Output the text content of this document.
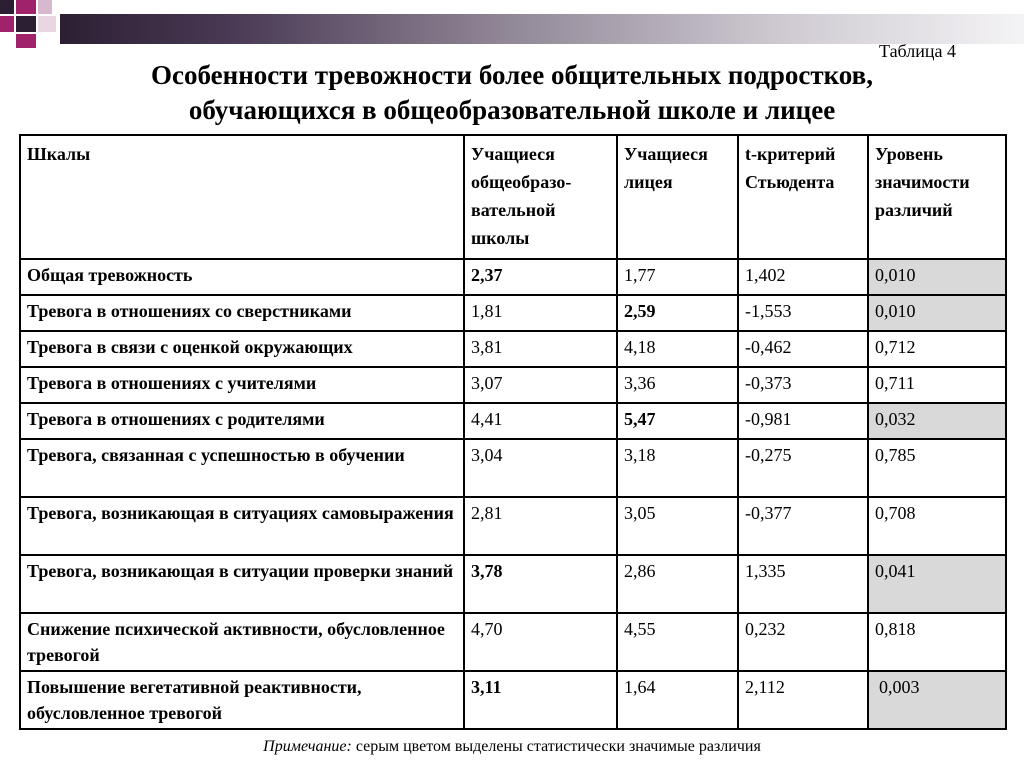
Таблица 4
Особенности тревожности более общительных подростков,
обучающихся в общеобразовательной школе и лицее
Шкалы	Учащиеся общеобразо-вательной школы	Учащиеся лицея	t-критерий Стьюдента	Уровень значимости различий
Общая тревожность	2,37	1,77	1,402	0,010
Тревога в отношениях со сверстниками	1,81	2,59	-1,553	0,010
Тревога в связи с оценкой окружающих	3,81	4,18	-0,462	0,712
Тревога в отношениях с учителями	3,07	3,36	-0,373	0,711
Тревога в отношениях с родителями	4,41	5,47	-0,981	0,032
Тревога, связанная с успешностью в обучении	3,04	3,18	-0,275	0,785
Тревога, возникающая в ситуациях самовыражения	2,81	3,05	-0,377	0,708
Тревога, возникающая в ситуации проверки знаний	3,78	2,86	1,335	0,041
Снижение психической активности, обусловленное тревогой	4,70	4,55	0,232	0,818
Повышение вегетативной реактивности, обусловленное тревогой	3,11	1,64	2,112	0,003
Примечание: серым цветом выделены статистически значимые различия
